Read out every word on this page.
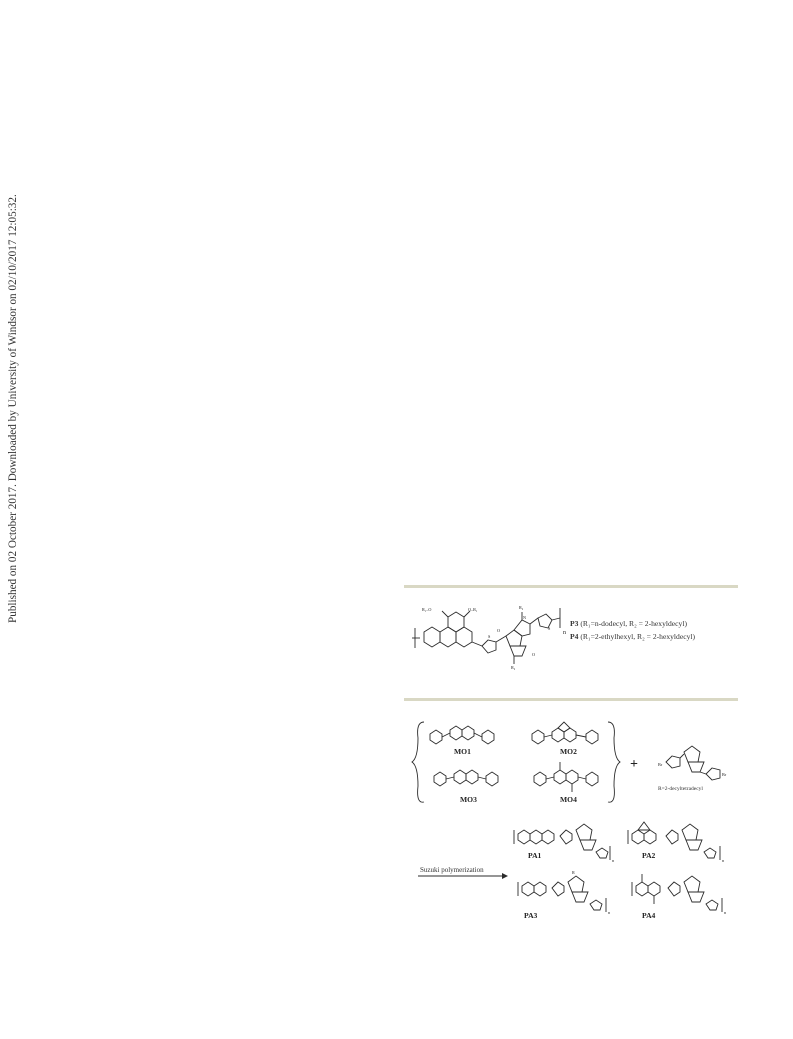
Published on 02 October 2017. Downloaded by University of Windsor on 02/10/2017 12:05:32.	R₁–O	O–R₁
S
R₂
R₂
O
O
N
S
n
P3 (R₁=n-dodecyl, R₂ = 2-hexyldecyl)
P4 (R₁=2-ethylhexyl, R₂ = 2-hexyldecyl)
MO1	MO2
MO3	MO4
+	Br
Br
R=2-decyltetradecyl
Suzuki polymerization
n
PA1
n
PA2
n
R
PA3	n
PA4
